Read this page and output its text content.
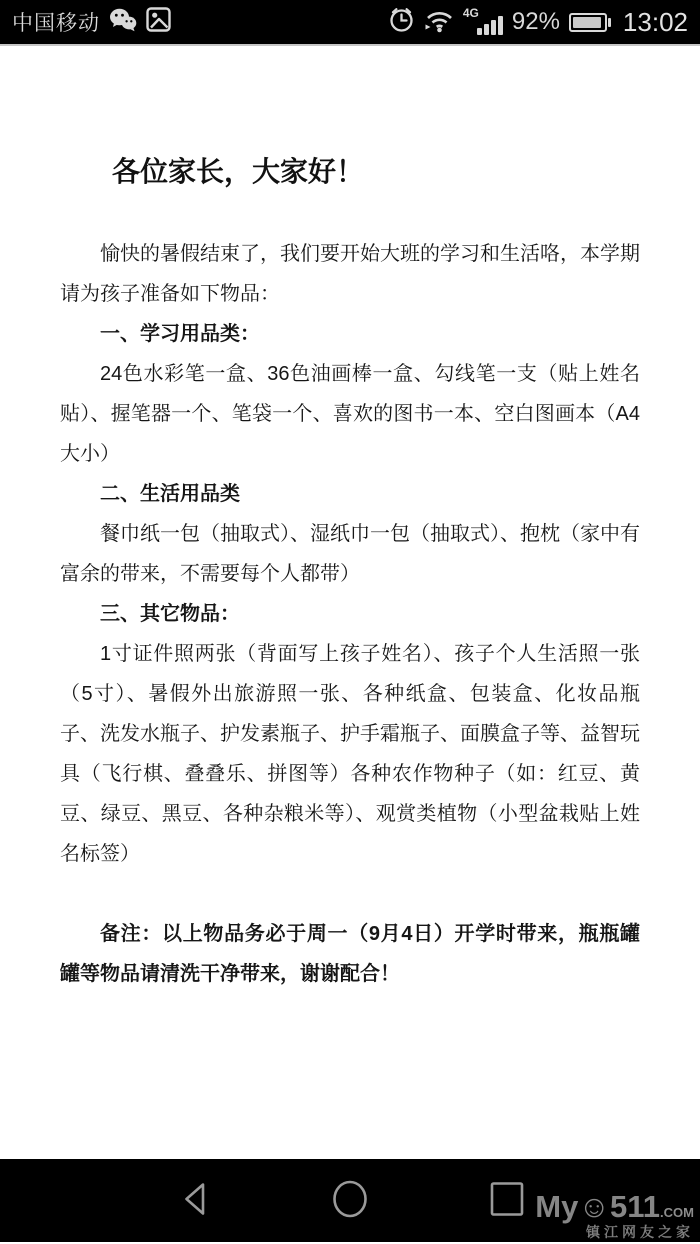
中国移动	4G 92% 13:02
各位家长，大家好！

愉快的暑假结束了，我们要开始大班的学习和生活咯，本学期请为孩子准备如下物品：

一、学习用品类：

24色水彩笔一盒、36色油画棒一盒、勾线笔一支（贴上姓名贴）、握笔器一个、笔袋一个、喜欢的图书一本、空白图画本（A4大小）

二、生活用品类

餐巾纸一包（抽取式）、湿纸巾一包（抽取式）、抱枕（家中有富余的带来，不需要每个人都带）

三、其它物品：

1寸证件照两张（背面写上孩子姓名）、孩子个人生活照一张（5寸）、暑假外出旅游照一张、各种纸盒、包装盒、化妆品瓶子、洗发水瓶子、护发素瓶子、护手霜瓶子、面膜盒子等、益智玩具（飞行棋、叠叠乐、拼图等）各种农作物种子（如：红豆、黄豆、绿豆、黑豆、各种杂粮米等）、观赏类植物（小型盆栽贴上姓名标签）

备注：以上物品务必于周一（9月4日）开学时带来，瓶瓶罐罐等物品请清洗干净带来，谢谢配合！

My☺511.COM
镇江网友之家
